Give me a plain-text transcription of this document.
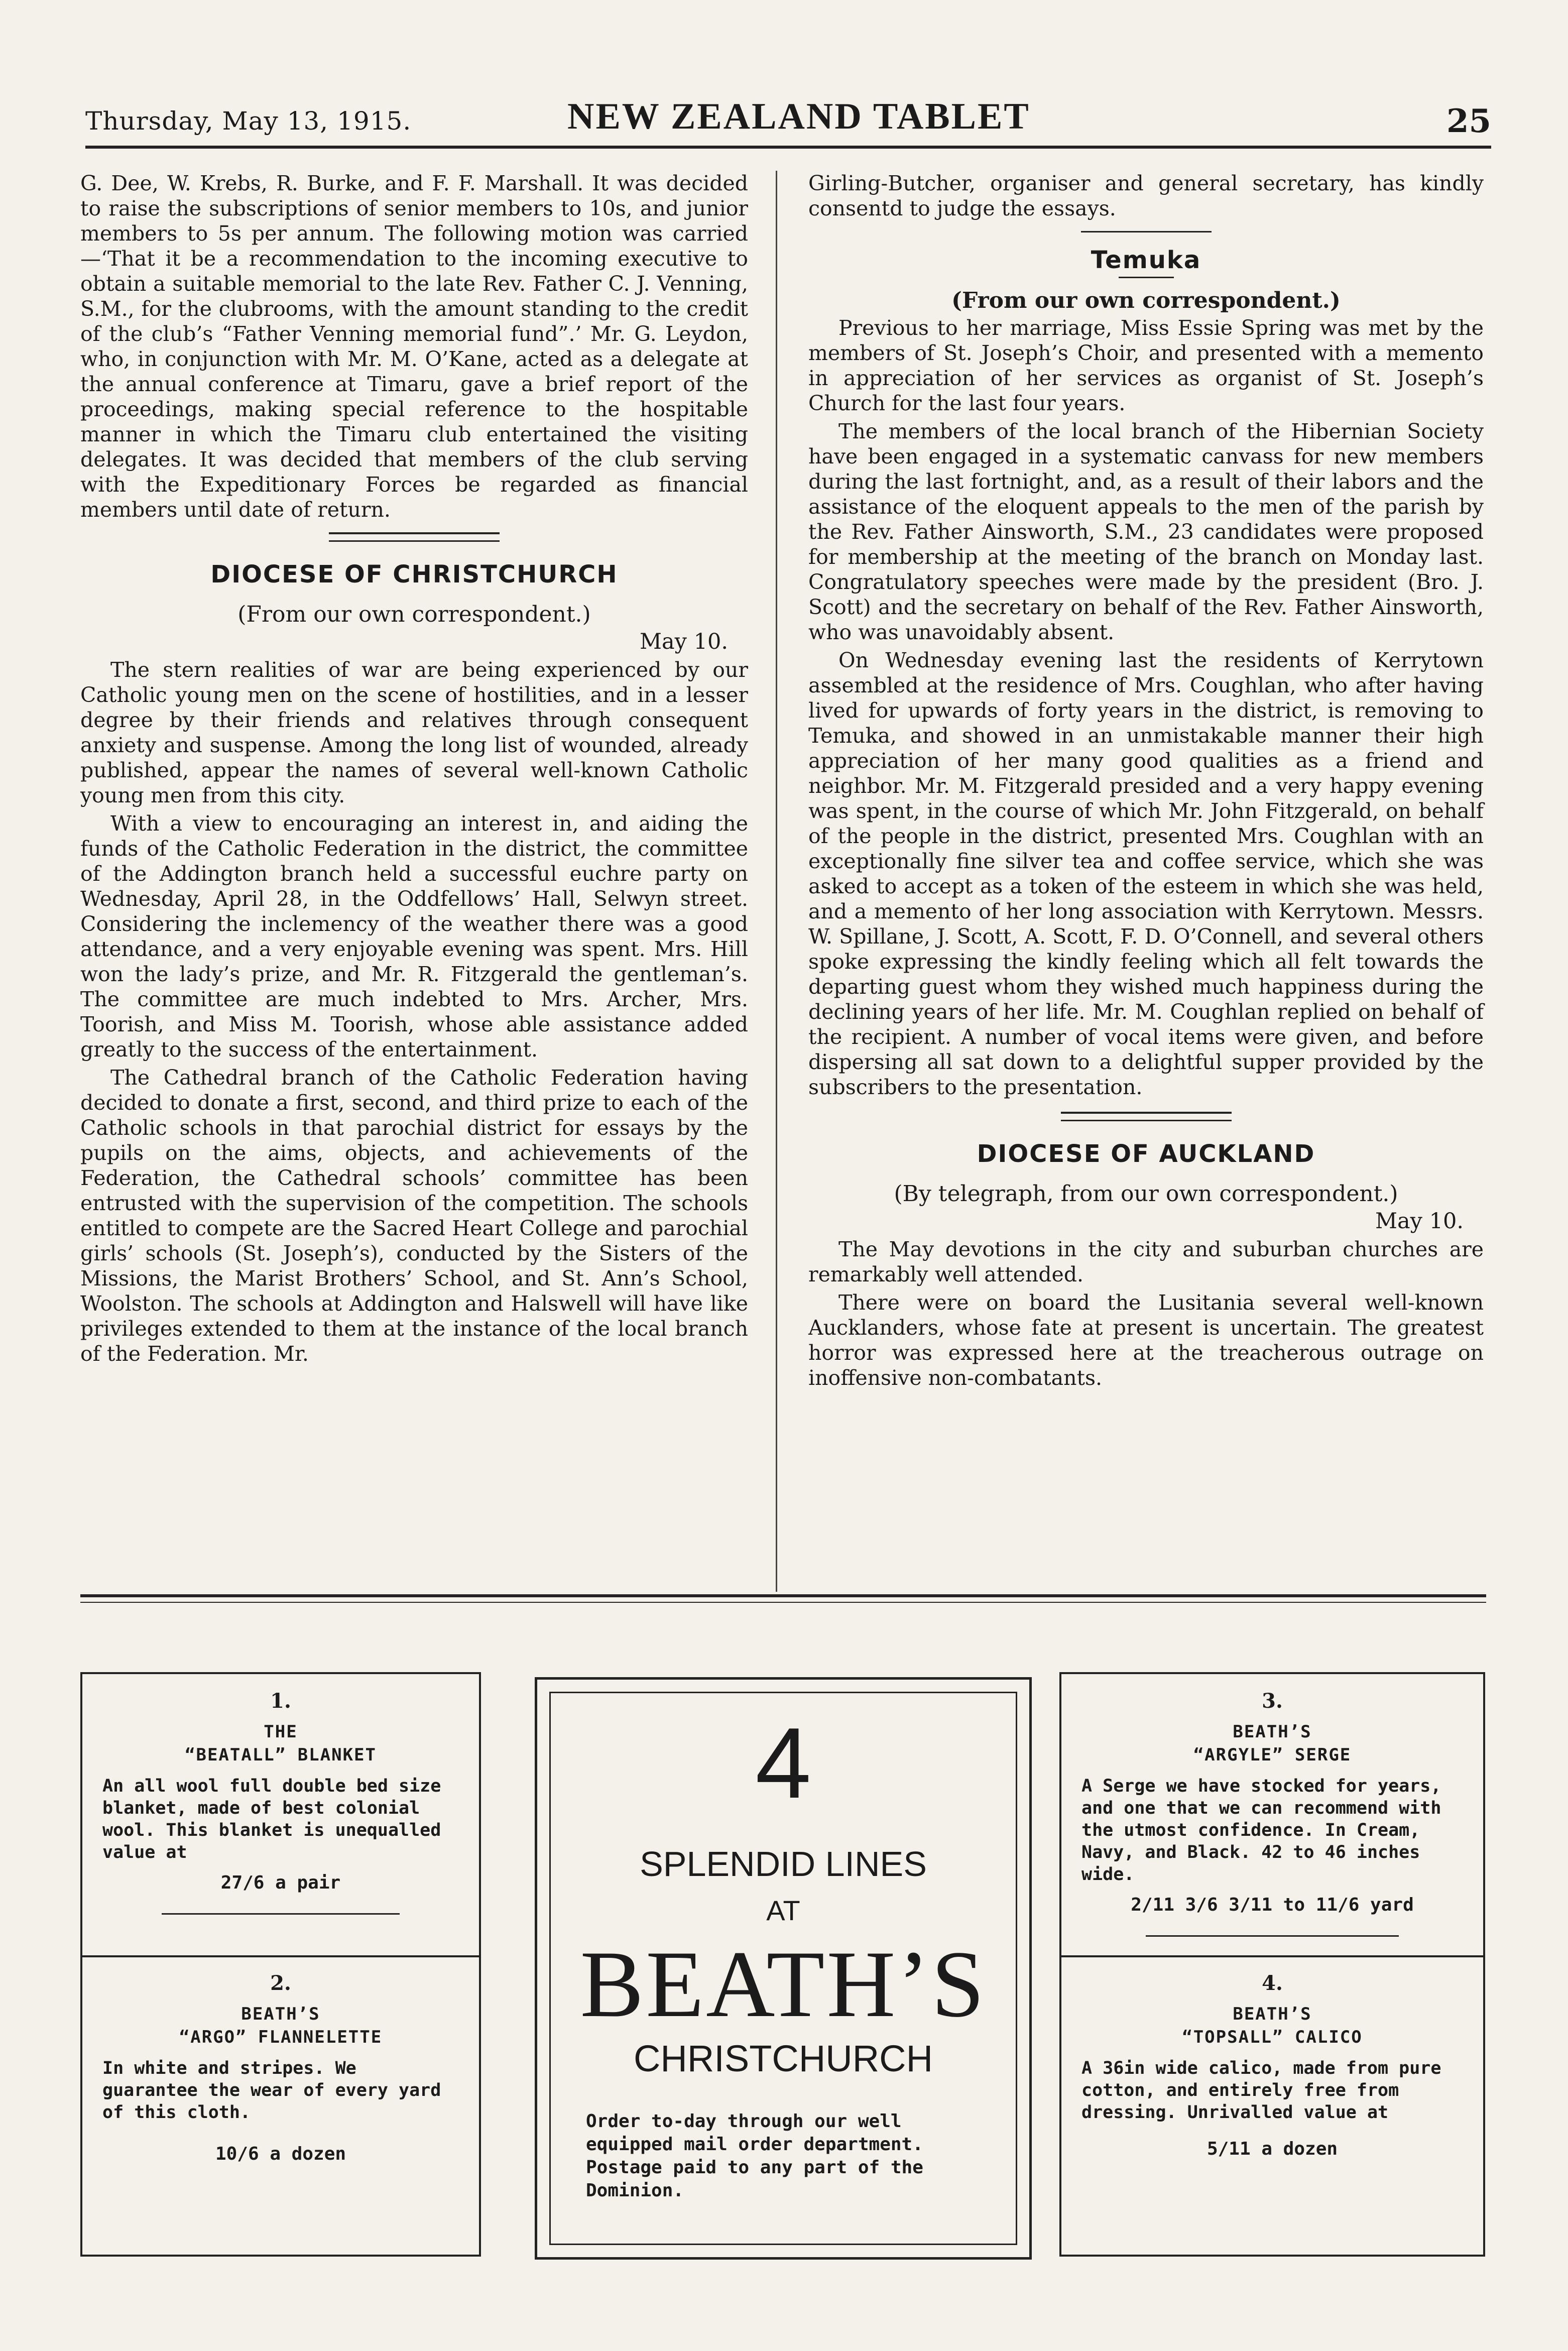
Thursday, May 13, 1915.	NEW ZEALAND TABLET	25

G. Dee, W. Krebs, R. Burke, and F. F. Marshall. It was decided to raise the subscriptions of senior members to 10s, and junior members to 5s per annum. The following motion was carried—‘That it be a recommendation to the incoming executive to obtain a suitable memorial to the late Rev. Father C. J. Venning, S.M., for the clubrooms, with the amount standing to the credit of the club’s “Father Venning memorial fund”.’ Mr. G. Leydon, who, in conjunction with Mr. M. O’Kane, acted as a delegate at the annual conference at Timaru, gave a brief report of the proceedings, making special reference to the hospitable manner in which the Timaru club entertained the visiting delegates. It was decided that members of the club serving with the Expeditionary Forces be regarded as financial members until date of return.

DIOCESE OF CHRISTCHURCH
(From our own correspondent.)
May 10.

The stern realities of war are being experienced by our Catholic young men on the scene of hostilities, and in a lesser degree by their friends and relatives through consequent anxiety and suspense. Among the long list of wounded, already published, appear the names of several well-known Catholic young men from this city.

With a view to encouraging an interest in, and aiding the funds of the Catholic Federation in the district, the committee of the Addington branch held a successful euchre party on Wednesday, April 28, in the Oddfellows’ Hall, Selwyn street. Considering the inclemency of the weather there was a good attendance, and a very enjoyable evening was spent. Mrs. Hill won the lady’s prize, and Mr. R. Fitzgerald the gentleman’s. The committee are much indebted to Mrs. Archer, Mrs. Toorish, and Miss M. Toorish, whose able assistance added greatly to the success of the entertainment.

The Cathedral branch of the Catholic Federation having decided to donate a first, second, and third prize to each of the Catholic schools in that parochial district for essays by the pupils on the aims, objects, and achievements of the Federation, the Cathedral schools’ committee has been entrusted with the supervision of the competition. The schools entitled to compete are the Sacred Heart College and parochial girls’ schools (St. Joseph’s), conducted by the Sisters of the Missions, the Marist Brothers’ School, and St. Ann’s School, Woolston. The schools at Addington and Halswell will have like privileges extended to them at the instance of the local branch of the Federation. Mr.

Girling-Butcher, organiser and general secretary, has kindly consentd to judge the essays.

Temuka
(From our own correspondent.)

Previous to her marriage, Miss Essie Spring was met by the members of St. Joseph’s Choir, and presented with a memento in appreciation of her services as organist of St. Joseph’s Church for the last four years.

The members of the local branch of the Hibernian Society have been engaged in a systematic canvass for new members during the last fortnight, and, as a result of their labors and the assistance of the eloquent appeals to the men of the parish by the Rev. Father Ainsworth, S.M., 23 candidates were proposed for membership at the meeting of the branch on Monday last. Congratulatory speeches were made by the president (Bro. J. Scott) and the secretary on behalf of the Rev. Father Ainsworth, who was unavoidably absent.

On Wednesday evening last the residents of Kerrytown assembled at the residence of Mrs. Coughlan, who after having lived for upwards of forty years in the district, is removing to Temuka, and showed in an unmistakable manner their high appreciation of her many good qualities as a friend and neighbor. Mr. M. Fitzgerald presided and a very happy evening was spent, in the course of which Mr. John Fitzgerald, on behalf of the people in the district, presented Mrs. Coughlan with an exceptionally fine silver tea and coffee service, which she was asked to accept as a token of the esteem in which she was held, and a memento of her long association with Kerrytown. Messrs. W. Spillane, J. Scott, A. Scott, F. D. O’Connell, and several others spoke expressing the kindly feeling which all felt towards the departing guest whom they wished much happiness during the declining years of her life. Mr. M. Coughlan replied on behalf of the recipient. A number of vocal items were given, and before dispersing all sat down to a delightful supper provided by the subscribers to the presentation.

DIOCESE OF AUCKLAND
(By telegraph, from our own correspondent.)
May 10.

The May devotions in the city and suburban churches are remarkably well attended.

There were on board the Lusitania several well-known Aucklanders, whose fate at present is uncertain. The greatest horror was expressed here at the treacherous outrage on inoffensive non-combatants.

1.
THE
“BEATALL” BLANKET
An all wool full double bed size blanket, made of best colonial wool. This blanket is unequalled value at
27/6 a pair
2.
BEATH’S
“ARGO” FLANNELETTE
In white and stripes. We guarantee the wear of every yard of this cloth.
10/6 a dozen
4
SPLENDID LINES
AT
BEATH’S
CHRISTCHURCH
Order to-day through our well equipped mail order department. Postage paid to any part of the Dominion.
3.
BEATH’S
“ARGYLE” SERGE
A Serge we have stocked for years, and one that we can recommend with the utmost confidence. In Cream, Navy, and Black. 42 to 46 inches wide.
2/11 3/6 3/11 to 11/6 yard
4.
BEATH’S
“TOPSALL” CALICO
A 36in wide calico, made from pure cotton, and entirely free from dressing. Unrivalled value at
5/11 a dozen
